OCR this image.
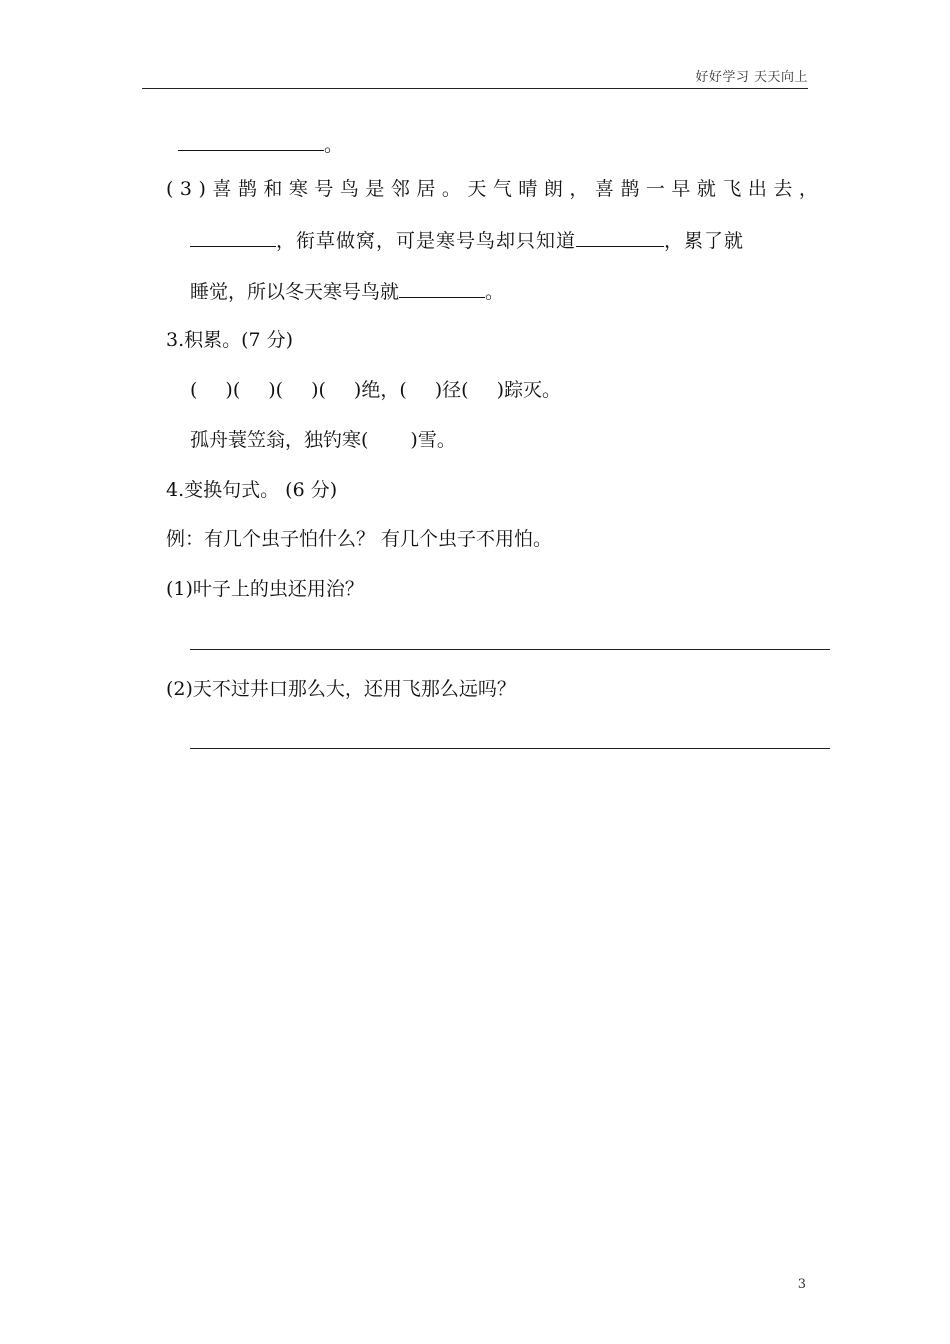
好好学习 天天向上
。
(3)喜鹊和寒号鸟是邻居。天气晴朗，喜鹊一早就飞出去，
，衔草做窝，可是寒号鸟却只知道	，累了就
睡觉，所以冬天寒号鸟就	。
3.积累。(7 分)
( )( )( )( )绝，( )径( )踪灭。
孤舟蓑笠翁，独钓寒( )雪。
4.变换句式。 (6 分)
例：有几个虫子怕什么？ 有几个虫子不用怕。
(1)叶子上的虫还用治？
(2)天不过井口那么大，还用飞那么远吗？
3
